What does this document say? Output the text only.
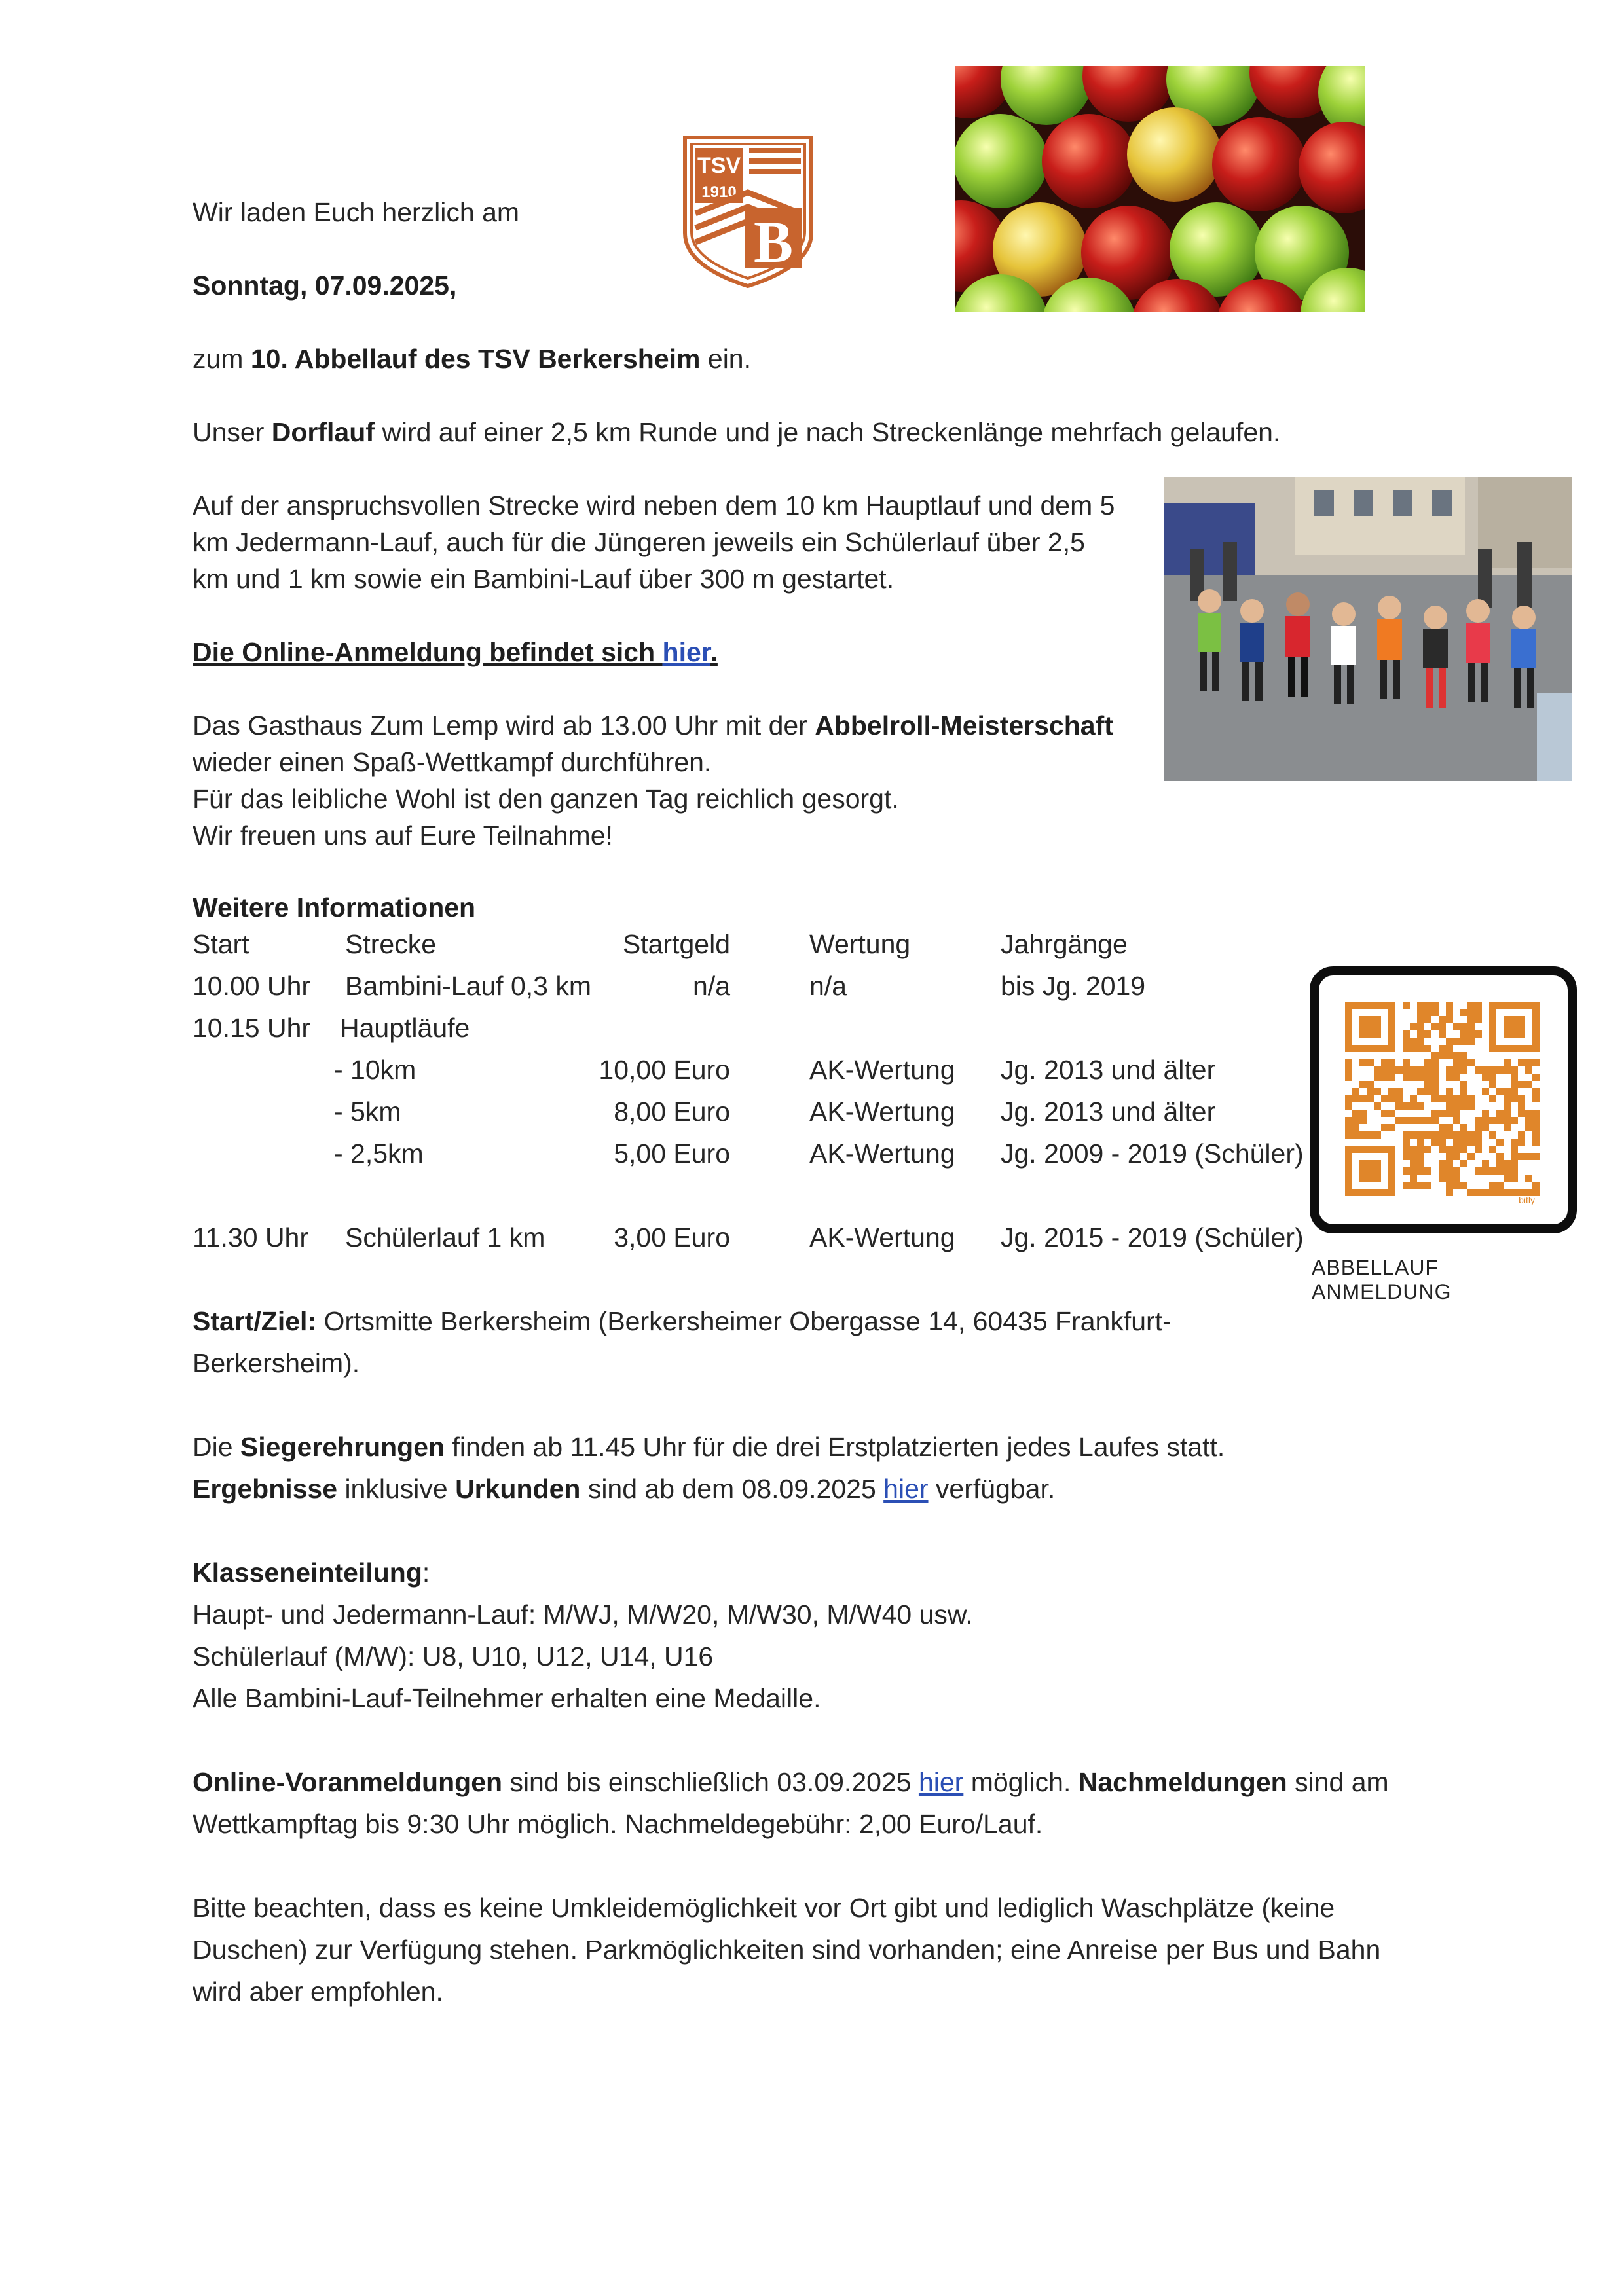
Wir laden Euch herzlich am
Sonntag, 07.09.2025,
zum 10. Abbellauf des TSV Berkersheim ein.
Unser Dorflauf wird auf einer 2,5 km Runde und je nach Streckenlänge mehrfach gelaufen.
Auf der anspruchsvollen Strecke wird neben dem 10 km Hauptlauf und dem 5
km Jedermann-Lauf, auch für die Jüngeren jeweils ein Schülerlauf über 2,5
km und 1 km sowie ein Bambini-Lauf über 300 m gestartet.
Die Online-Anmeldung befindet sich hier.
Das Gasthaus Zum Lemp wird ab 13.00 Uhr mit der Abbelroll-Meisterschaft
wieder einen Spaß-Wettkampf durchführen.
Für das leibliche Wohl ist den ganzen Tag reichlich gesorgt.
Wir freuen uns auf Eure Teilnahme!
TSV
1910
B
Weitere Informationen
Start	Strecke	Startgeld	Wertung	Jahrgänge
10.00 Uhr Bambini-Lauf 0,3 km	n/a	n/a	bis Jg. 2019
10.15 Uhr Hauptläufe
- 10km	10,00 Euro	AK-Wertung Jg. 2013 und älter
- 5km	8,00 Euro	AK-Wertung Jg. 2013 und älter
- 2,5km	5,00 Euro	AK-Wertung Jg. 2009 - 2019 (Schüler)
11.30 Uhr Schülerlauf 1 km	3,00 Euro	AK-Wertung Jg. 2015 - 2019 (Schüler)
bitly
ABBELLAUF ANMELDUNG
Start/Ziel: Ortsmitte Berkersheim (Berkersheimer Obergasse 14, 60435 Frankfurt-
Berkersheim).
Die Siegerehrungen finden ab 11.45 Uhr für die drei Erstplatzierten jedes Laufes statt.
Ergebnisse inklusive Urkunden sind ab dem 08.09.2025 hier verfügbar.
Klasseneinteilung:
Haupt- und Jedermann-Lauf: M/WJ, M/W20, M/W30, M/W40 usw.
Schülerlauf (M/W): U8, U10, U12, U14, U16
Alle Bambini-Lauf-Teilnehmer erhalten eine Medaille.
Online-Voranmeldungen sind bis einschließlich 03.09.2025 hier möglich. Nachmeldungen sind am
Wettkampftag bis 9:30 Uhr möglich. Nachmeldegebühr: 2,00 Euro/Lauf.
Bitte beachten, dass es keine Umkleidemöglichkeit vor Ort gibt und lediglich Waschplätze (keine
Duschen) zur Verfügung stehen. Parkmöglichkeiten sind vorhanden; eine Anreise per Bus und Bahn
wird aber empfohlen.
